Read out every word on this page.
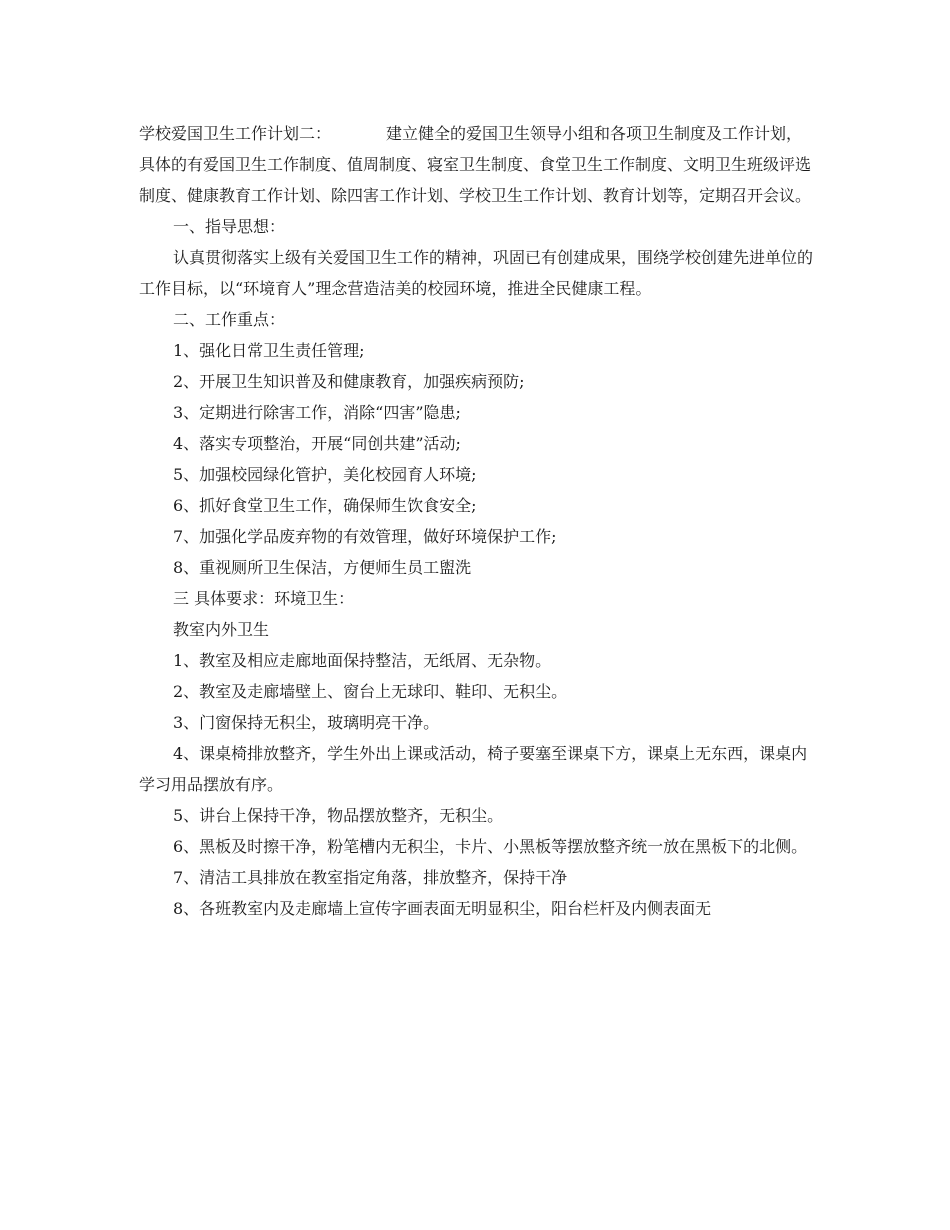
学校爱国卫生工作计划二：	建立健全的爱国卫生领导小组和各项卫生制度及工作计划，具体的有爱国卫生工作制度、值周制度、寝室卫生制度、食堂卫生工作制度、文明卫生班级评选制度、健康教育工作计划、除四害工作计划、学校卫生工作计划、教育计划等，定期召开会议。

一、指导思想：

认真贯彻落实上级有关爱国卫生工作的精神，巩固已有创建成果，围绕学校创建先进单位的工作目标，以“环境育人”理念营造洁美的校园环境，推进全民健康工程。

二、工作重点：

1、强化日常卫生责任管理;

2、开展卫生知识普及和健康教育，加强疾病预防;

3、定期进行除害工作，消除“四害”隐患;

4、落实专项整治，开展“同创共建”活动;

5、加强校园绿化管护，美化校园育人环境;

6、抓好食堂卫生工作，确保师生饮食安全;

7、加强化学品废弃物的有效管理，做好环境保护工作;

8、重视厕所卫生保洁，方便师生员工盥洗

三 具体要求：环境卫生：

教室内外卫生

1、教室及相应走廊地面保持整洁，无纸屑、无杂物。

2、教室及走廊墙壁上、窗台上无球印、鞋印、无积尘。

3、门窗保持无积尘，玻璃明亮干净。

4、课桌椅排放整齐，学生外出上课或活动，椅子要塞至课桌下方，课桌上无东西，课桌内学习用品摆放有序。

5、讲台上保持干净，物品摆放整齐，无积尘。

6、黑板及时擦干净，粉笔槽内无积尘，卡片、小黑板等摆放整齐统一放在黑板下的北侧。

7、清洁工具排放在教室指定角落，排放整齐，保持干净

8、各班教室内及走廊墙上宣传字画表面无明显积尘，阳台栏杆及内侧表面无
